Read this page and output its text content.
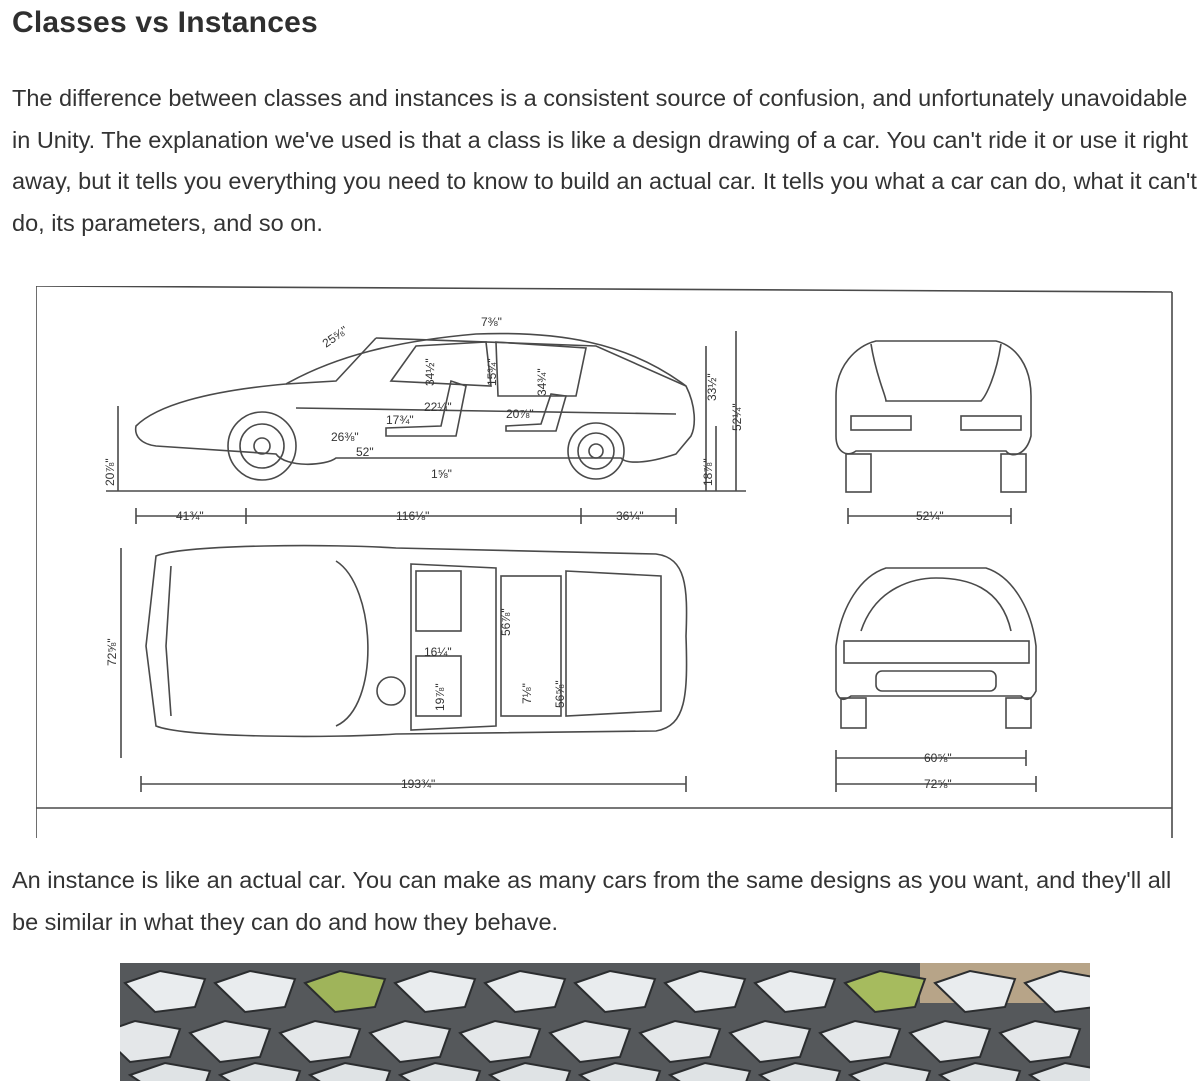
Classes vs Instances

The difference between classes and instances is a consistent source of confusion, and unfortunately unavoidable in Unity. The explanation we've used is that a class is like a design drawing of a car. You can't ride it or use it right away, but it tells you everything you need to know to build an actual car. It tells you what a car can do, what it can't do, its parameters, and so on.

25⅝"
7⅜"
34½"	15¾"	34¾"	33½"
52¼"
17¾"
22¼"	20⅞"
26⅜"
52"
1⅝"
20⅞"	18⅞"
41¾"	116⅛"	36¼"	52¼"
72⅝"	16¼"
19⅞"
56⅞"
7⅛" 56⅝"
193¾"
60⅝"
72⅝"

An instance is like an actual car. You can make as many cars from the same designs as you want, and they'll all be similar in what they can do and how they behave.
